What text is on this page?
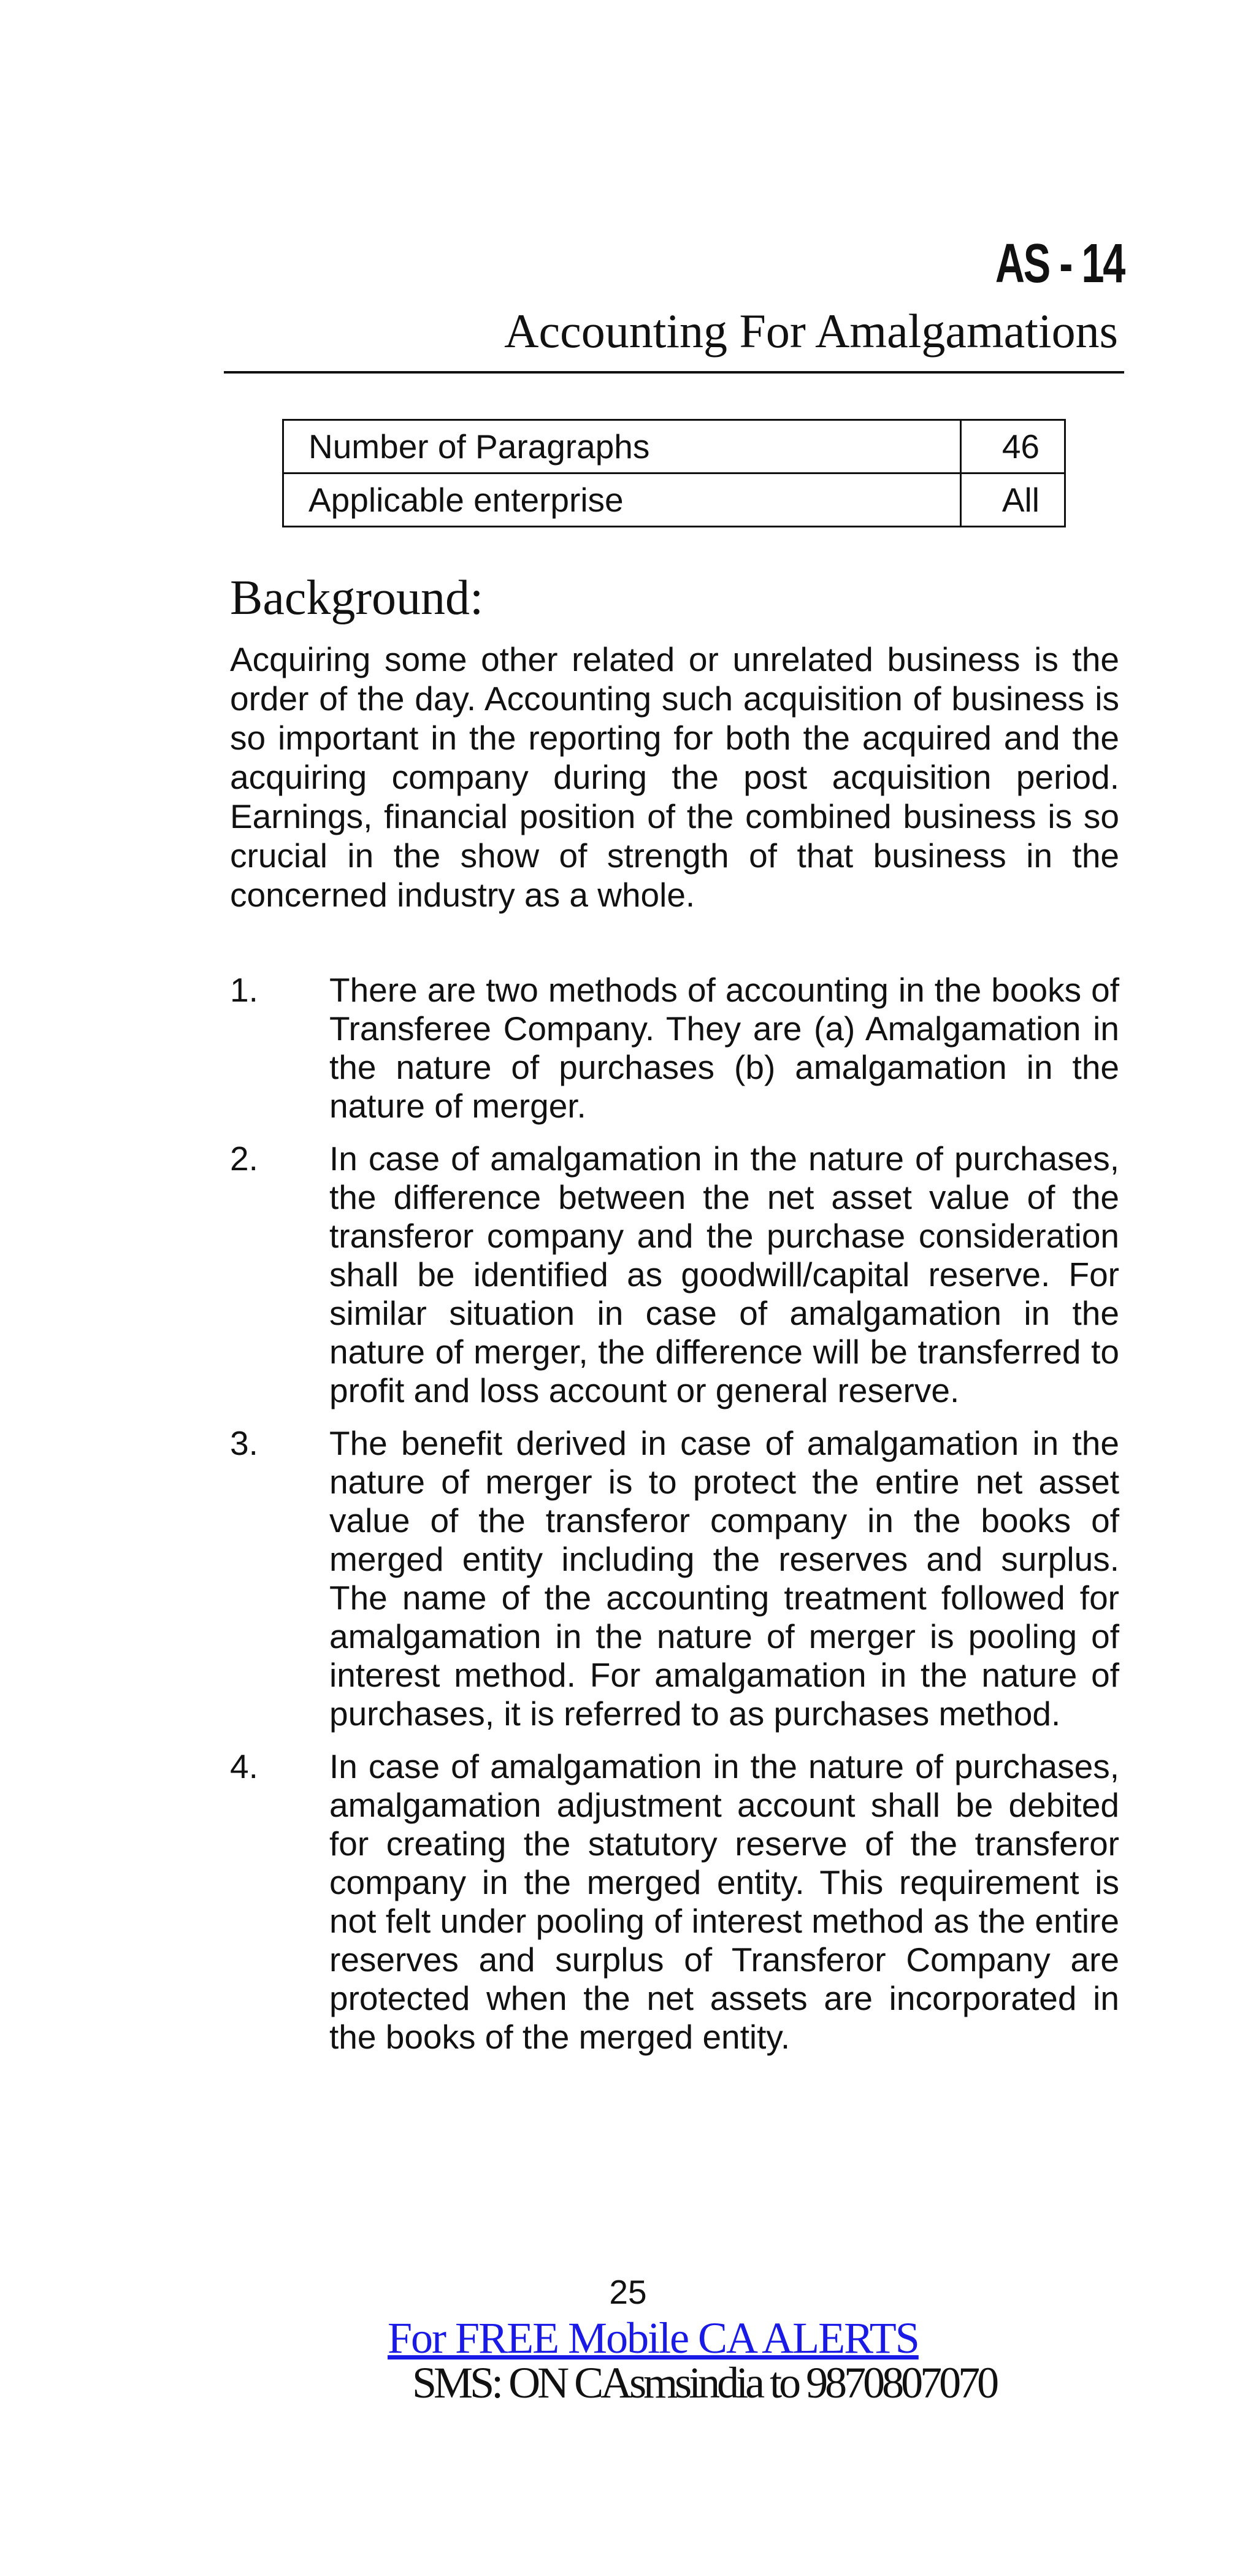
AS - 14
Accounting For Amalgamations
Number of Paragraphs	46
Applicable enterprise	All
Background:

Acquiring some other related or unrelated business is the order of the day. Accounting such acquisition of business is so important in the reporting for both the acquired and the acquiring company during the post acquisition period. Earnings, financial position of the combined business is so crucial in the show of strength of that business in the concerned industry as a whole.

1.	There are two methods of accounting in the books of Transferee Company. They are (a) Amalgamation in the nature of purchases (b) amalgamation in the nature of merger.
2.	In case of amalgamation in the nature of purchases, the difference between the net asset value of the transferor company and the purchase consideration shall be identified as goodwill/capital reserve. For similar situation in case of amalgamation in the nature of merger, the difference will be transferred to profit and loss account or general reserve.
3.	The benefit derived in case of amalgamation in the nature of merger is to protect the entire net asset value of the transferor company in the books of merged entity including the reserves and surplus. The name of the accounting treatment followed for amalgamation in the nature of merger is pooling of interest method. For amalgamation in the nature of purchases, it is referred to as purchases method.
4.	In case of amalgamation in the nature of purchases, amalgamation adjustment account shall be debited for creating the statutory reserve of the transferor company in the merged entity. This requirement is not felt under pooling of interest method as the entire reserves and surplus of Transferor Company are protected when the net assets are incorporated in the books of the merged entity.

25

For FREE Mobile CA ALERTS
SMS: ON CAsmsindia to 9870807070
